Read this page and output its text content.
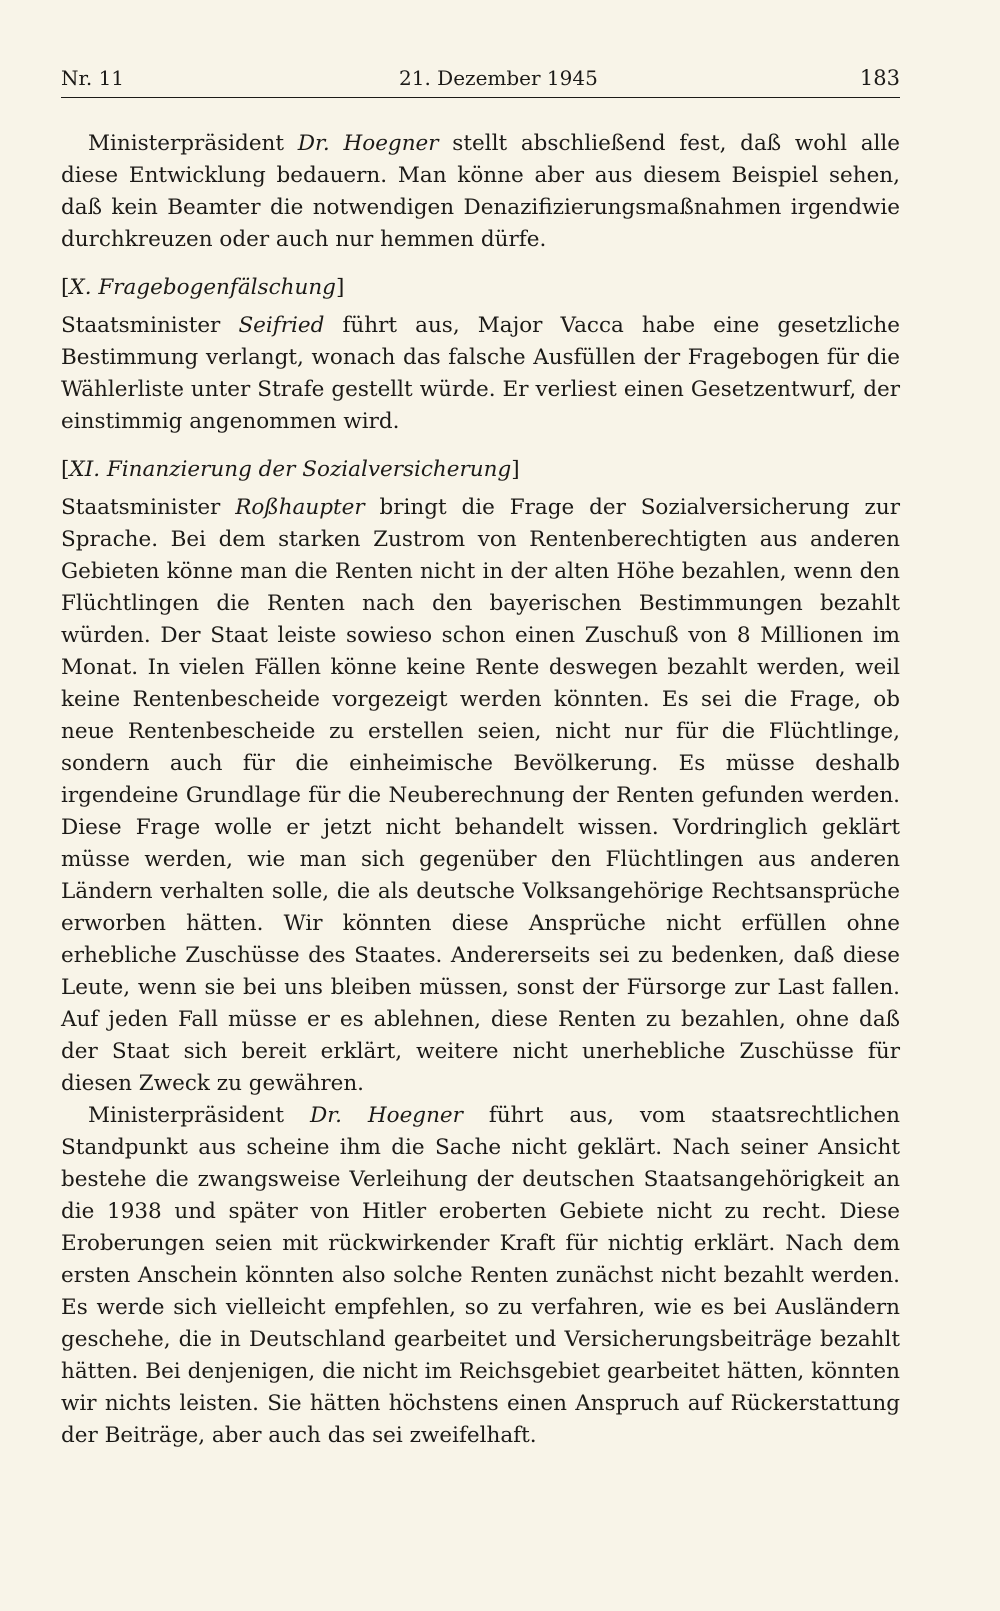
Nr. 11	21. Dezember 1945	183

Ministerpräsident Dr. Hoegner stellt abschließend fest, daß wohl alle diese Entwicklung bedauern. Man könne aber aus diesem Beispiel sehen, daß kein Beamter die notwendigen Denazifizierungsmaßnahmen irgendwie durchkreuzen oder auch nur hemmen dürfe.

[X. Fragebogenfälschung]

Staatsminister Seifried führt aus, Major Vacca habe eine gesetzliche Bestimmung verlangt, wonach das falsche Ausfüllen der Fragebogen für die Wählerliste unter Strafe gestellt würde. Er verliest einen Gesetzentwurf, der einstimmig angenommen wird.

[XI. Finanzierung der Sozialversicherung]

Staatsminister Roßhaupter bringt die Frage der Sozialversicherung zur Sprache. Bei dem starken Zustrom von Rentenberechtigten aus anderen Gebieten könne man die Renten nicht in der alten Höhe bezahlen, wenn den Flüchtlingen die Renten nach den bayerischen Bestimmungen bezahlt würden. Der Staat leiste sowieso schon einen Zuschuß von 8 Millionen im Monat. In vielen Fällen könne keine Rente deswegen bezahlt werden, weil keine Rentenbescheide vorgezeigt werden könnten. Es sei die Frage, ob neue Rentenbescheide zu erstellen seien, nicht nur für die Flüchtlinge, sondern auch für die einheimische Bevölkerung. Es müsse deshalb irgendeine Grundlage für die Neuberechnung der Renten gefunden werden. Diese Frage wolle er jetzt nicht behandelt wissen. Vordringlich geklärt müsse werden, wie man sich gegenüber den Flüchtlingen aus anderen Ländern verhalten solle, die als deutsche Volksangehörige Rechtsansprüche erworben hätten. Wir könnten diese Ansprüche nicht erfüllen ohne erhebliche Zuschüsse des Staates. Andererseits sei zu bedenken, daß diese Leute, wenn sie bei uns bleiben müssen, sonst der Fürsorge zur Last fallen. Auf jeden Fall müsse er es ablehnen, diese Renten zu bezahlen, ohne daß der Staat sich bereit erklärt, weitere nicht unerhebliche Zuschüsse für diesen Zweck zu gewähren.

Ministerpräsident Dr. Hoegner führt aus, vom staatsrechtlichen Standpunkt aus scheine ihm die Sache nicht geklärt. Nach seiner Ansicht bestehe die zwangsweise Verleihung der deutschen Staatsangehörigkeit an die 1938 und später von Hitler eroberten Gebiete nicht zu recht. Diese Eroberungen seien mit rückwirkender Kraft für nichtig erklärt. Nach dem ersten Anschein könnten also solche Renten zunächst nicht bezahlt werden. Es werde sich vielleicht empfehlen, so zu verfahren, wie es bei Ausländern geschehe, die in Deutschland gearbeitet und Versicherungsbeiträge bezahlt hätten. Bei denjenigen, die nicht im Reichsgebiet gearbeitet hätten, könnten wir nichts leisten. Sie hätten höchstens einen Anspruch auf Rückerstattung der Beiträge, aber auch das sei zweifelhaft.
